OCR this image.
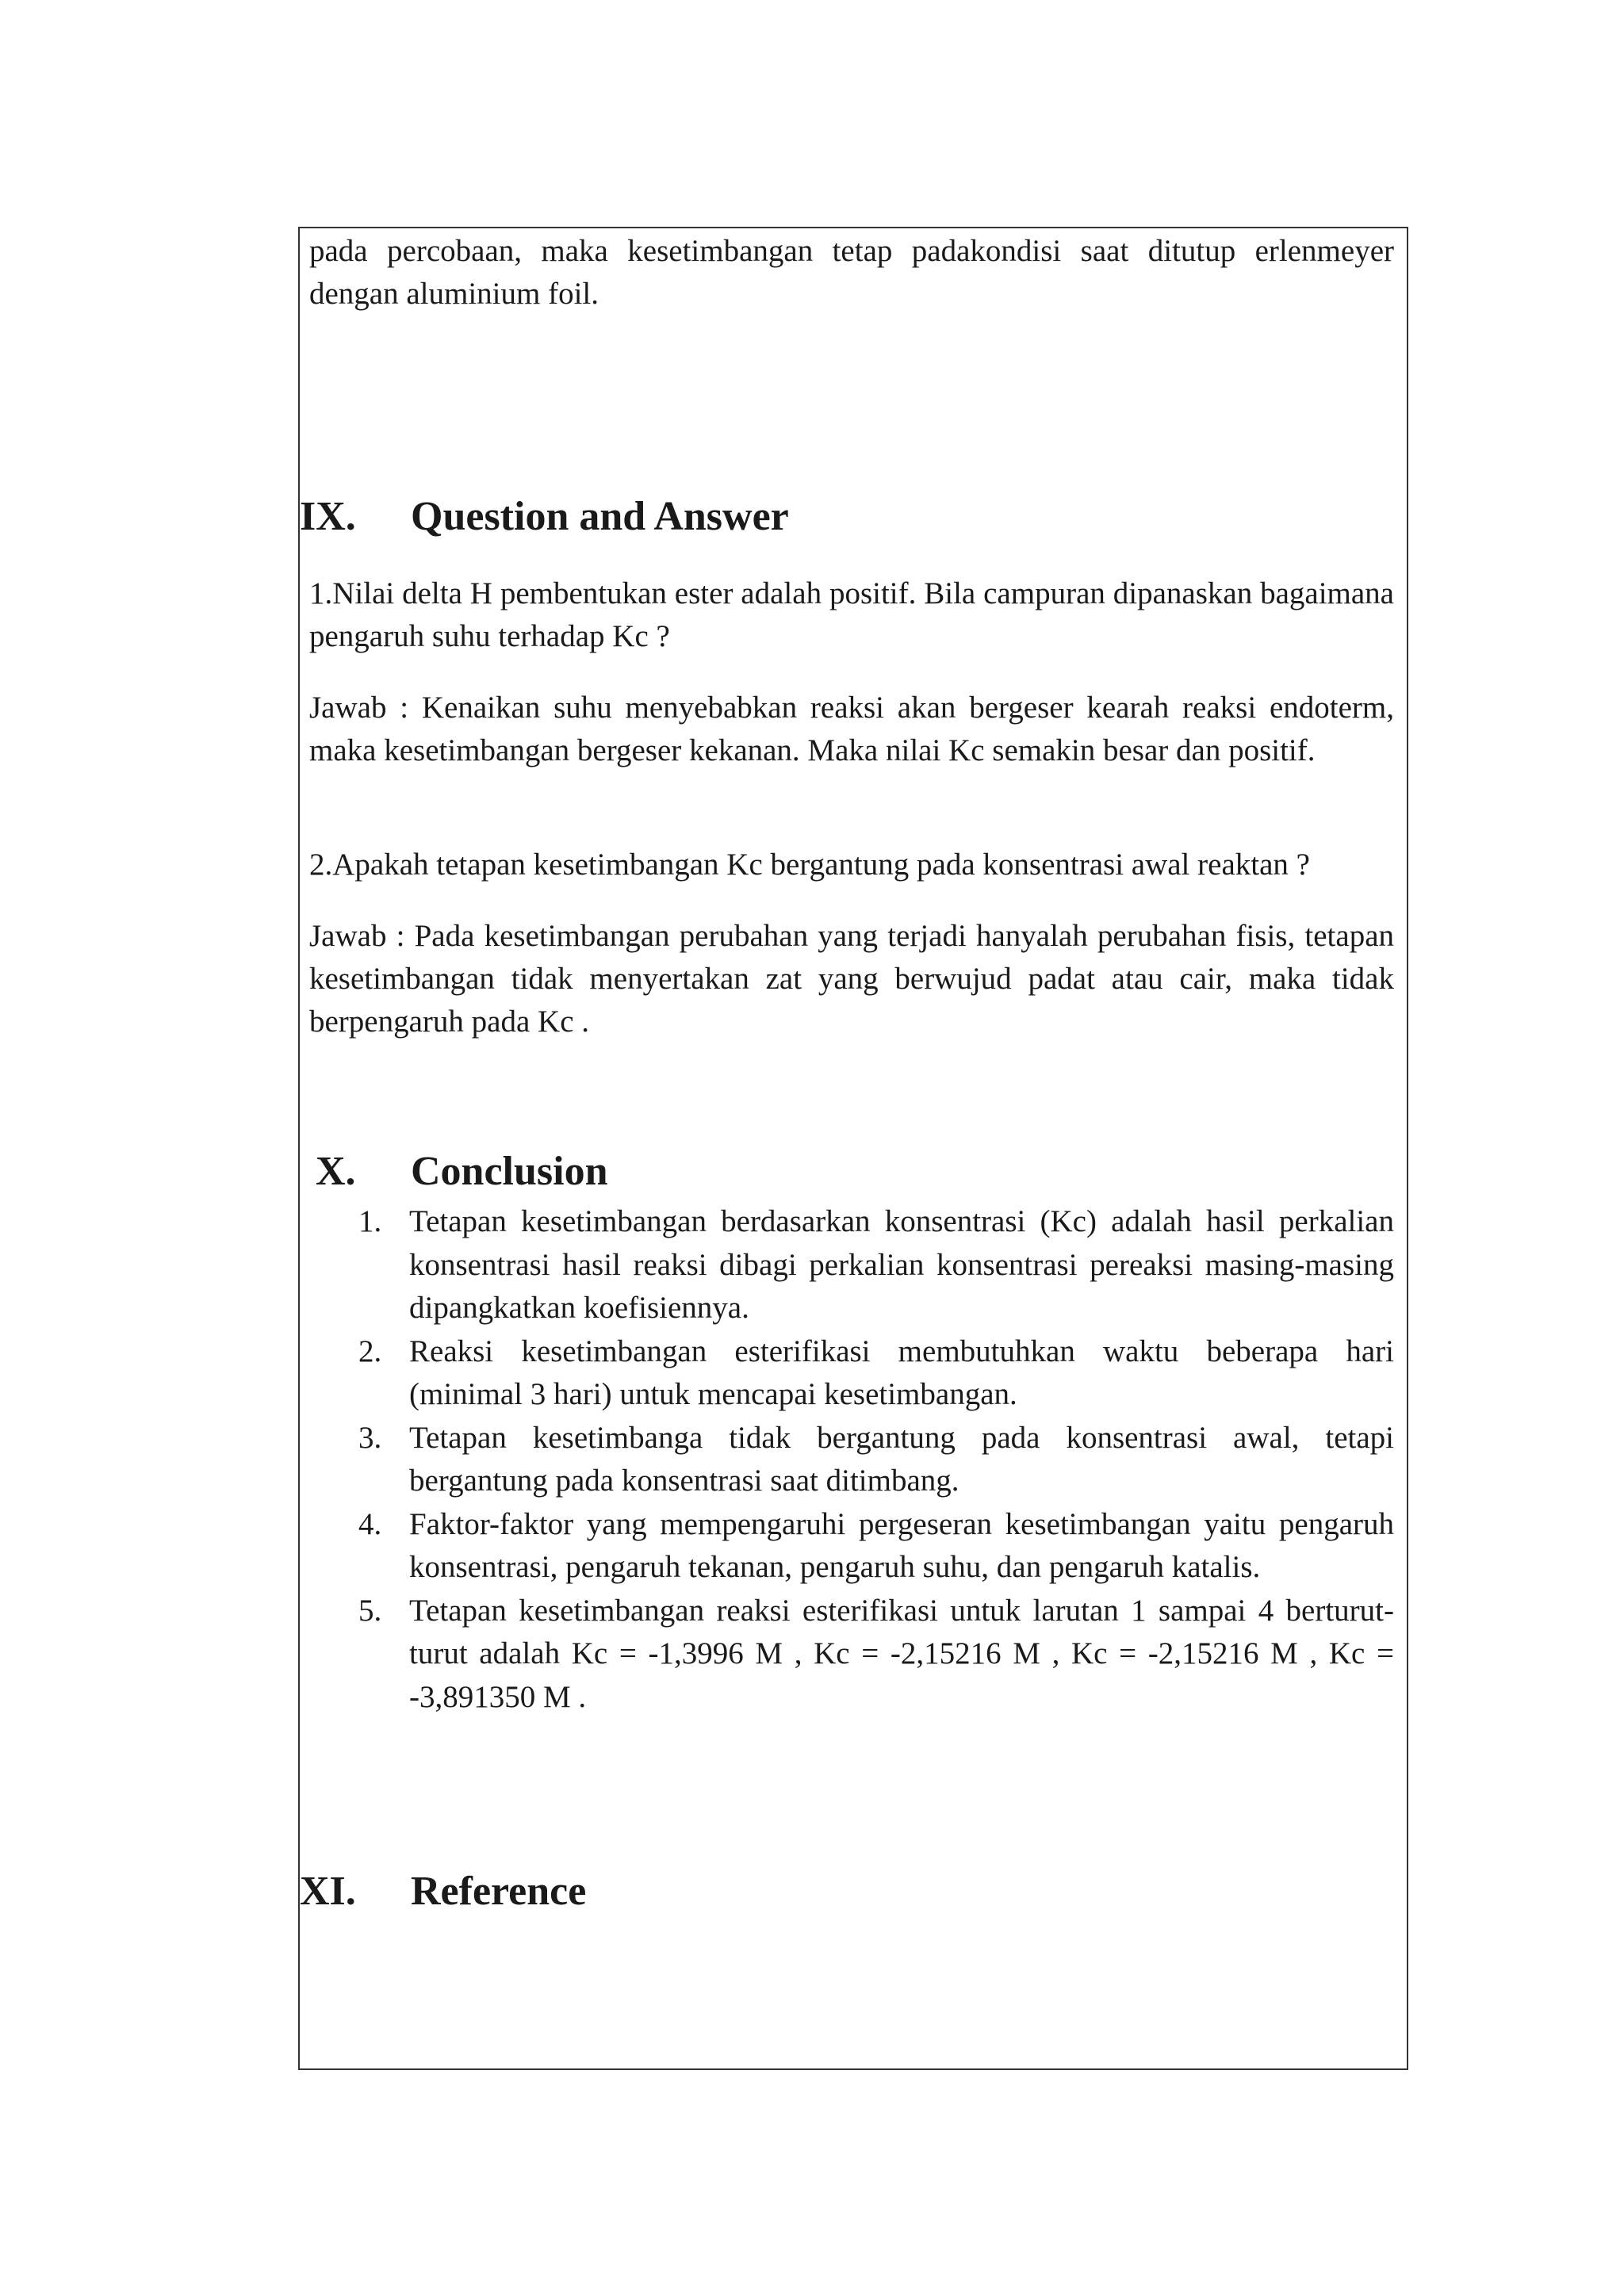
pada percobaan, maka kesetimbangan tetap padakondisi saat ditutup erlenmeyer dengan aluminium foil.

IX. Question and Answer

1.Nilai delta H pembentukan ester adalah positif. Bila campuran dipanaskan bagaimana pengaruh suhu terhadap Kc ?

Jawab : Kenaikan suhu menyebabkan reaksi akan bergeser kearah reaksi endoterm, maka kesetimbangan bergeser kekanan. Maka nilai Kc semakin besar dan positif.

2.Apakah tetapan kesetimbangan Kc bergantung pada konsentrasi awal reaktan ?

Jawab : Pada kesetimbangan perubahan yang terjadi hanyalah perubahan fisis, tetapan kesetimbangan tidak menyertakan zat yang berwujud padat atau cair, maka tidak berpengaruh pada Kc .

X. Conclusion
1. Tetapan kesetimbangan berdasarkan konsentrasi (Kc) adalah hasil perkalian konsentrasi hasil reaksi dibagi perkalian konsentrasi pereaksi masing-masing dipangkatkan koefisiennya.
2. Reaksi kesetimbangan esterifikasi membutuhkan waktu beberapa hari (minimal 3 hari) untuk mencapai kesetimbangan.
3. Tetapan kesetimbanga tidak bergantung pada konsentrasi awal, tetapi bergantung pada konsentrasi saat ditimbang.
4. Faktor-faktor yang mempengaruhi pergeseran kesetimbangan yaitu pengaruh konsentrasi, pengaruh tekanan, pengaruh suhu, dan pengaruh katalis.
5. Tetapan kesetimbangan reaksi esterifikasi untuk larutan 1 sampai 4 berturut-turut adalah Kc = -1,3996 M , Kc = -2,15216 M , Kc = -2,15216 M , Kc = -3,891350 M .
XI. Reference
